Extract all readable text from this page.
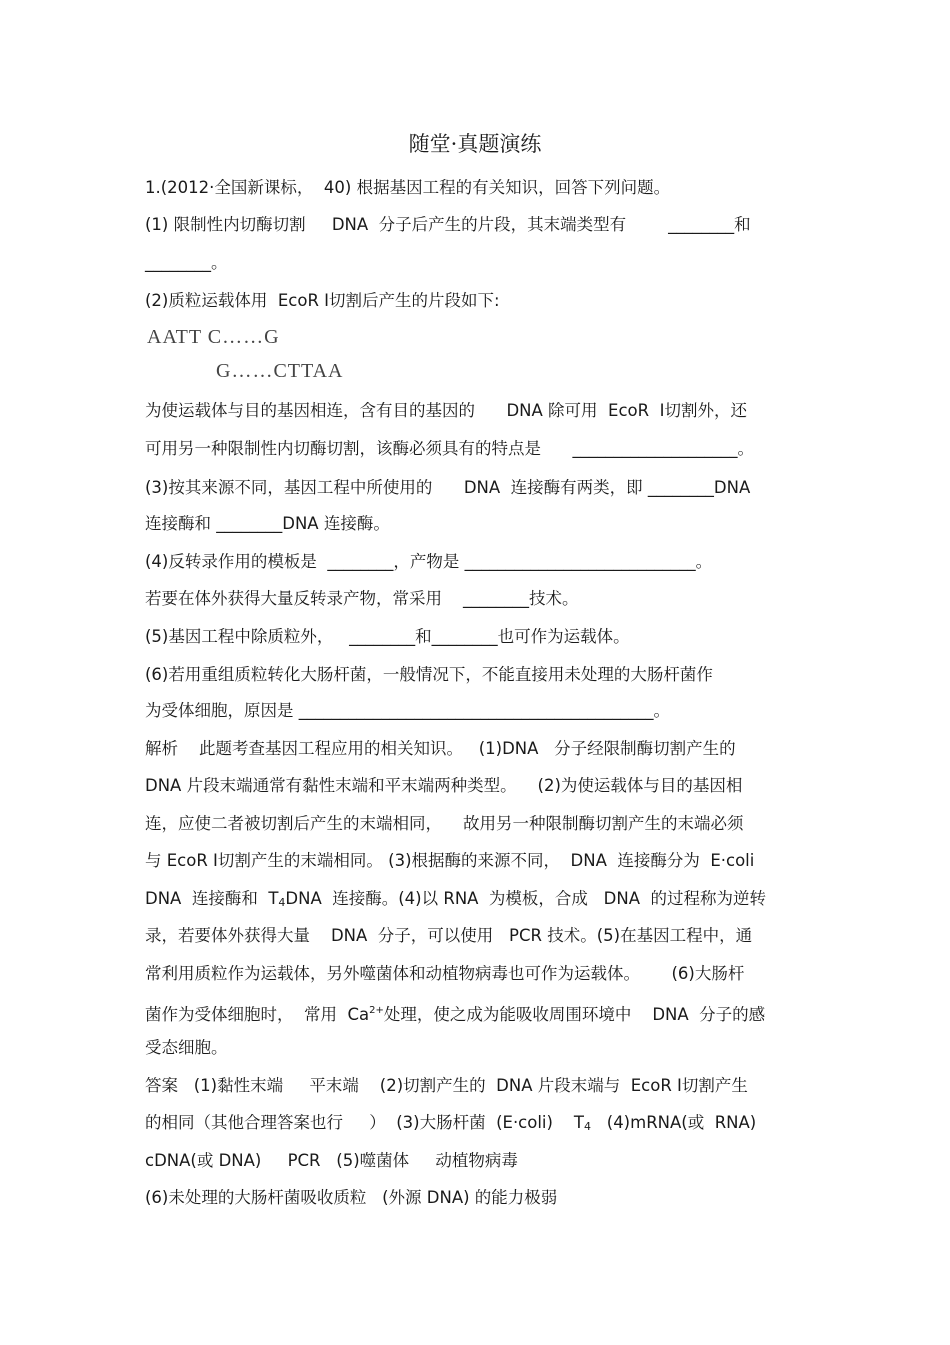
随堂·真题演练
1.(2012·全国新课标，  40) 根据基因工程的有关知识，回答下列问题。
(1) 限制性内切酶切割     DNA  分子后产生的片段，其末端类型有        ________和
________。
(2)质粒运载体用  EcoR Ⅰ切割后产生的片段如下:
AATT C……G
G……CTTAA
为使运载体与目的基因相连，含有目的基因的      DNA 除可用  EcoR  Ⅰ切割外，还
可用另一种限制性内切酶切割，该酶必须具有的特点是      ____________________。
(3)按其来源不同，基因工程中所使用的      DNA  连接酶有两类，即 ________DNA
连接酶和 ________DNA 连接酶。
(4)反转录作用的模板是  ________，产物是 ____________________________。
若要在体外获得大量反转录产物，常采用    ________技术。
(5)基因工程中除质粒外，   ________和________也可作为运载体。
(6)若用重组质粒转化大肠杆菌，一般情况下，不能直接用未处理的大肠杆菌作
为受体细胞，原因是 ___________________________________________。
解析    此题考查基因工程应用的相关知识。   (1)DNA   分子经限制酶切割产生的
DNA 片段末端通常有黏性末端和平末端两种类型。    (2)为使运载体与目的基因相
连，应使二者被切割后产生的末端相同，    故用另一种限制酶切割产生的末端必须
与 EcoR Ⅰ切割产生的末端相同。 (3)根据酶的来源不同，  DNA  连接酶分为  E·coli
DNA  连接酶和  $T_4DNA$  连接酶。(4)以 RNA  为模板，合成   DNA  的过程称为逆转
录，若要体外获得大量    DNA  分子，可以使用   PCR 技术。(5)在基因工程中，通
常利用质粒作为运载体，另外噬菌体和动植物病毒也可作为运载体。      (6)大肠杆
菌作为受体细胞时，  常用  $Ca^{2+}$处理，使之成为能吸收周围环境中    DNA  分子的感
受态细胞。
答案   (1)黏性末端     平末端    (2)切割产生的  DNA 片段末端与  EcoR Ⅰ切割产生
的相同（其他合理答案也行     ）  (3)大肠杆菌  (E·coli)    $T_4$   (4)mRNA(或  RNA)
cDNA(或 DNA)     PCR   (5)噬菌体     动植物病毒
(6)未处理的大肠杆菌吸收质粒   (外源 DNA) 的能力极弱
